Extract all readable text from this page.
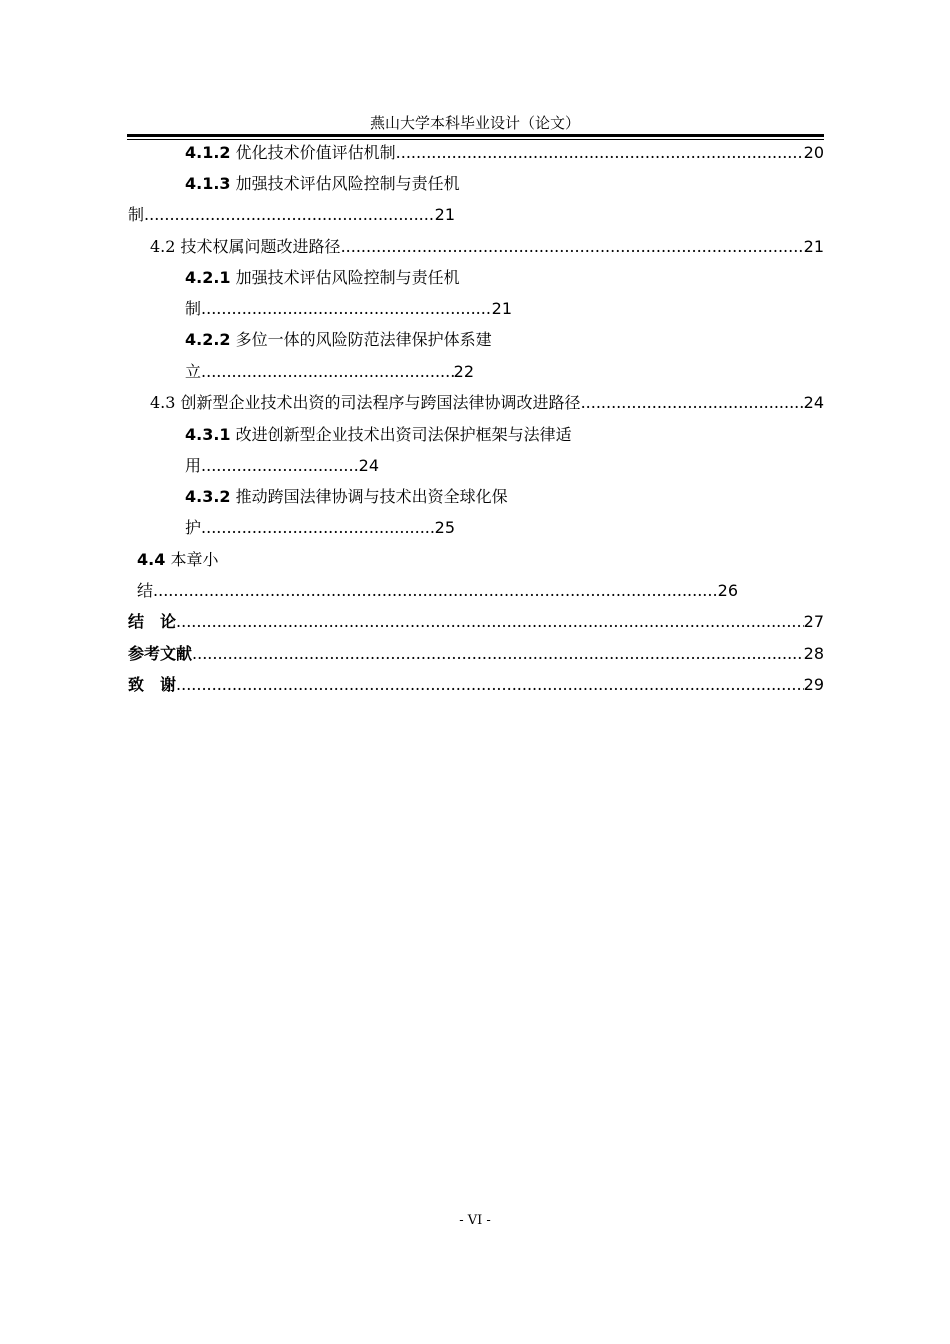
燕山大学本科毕业设计（论文）
4.1.2 优化技术价值评估机制 .....	20
4.1.3 加强技术评估风险控制与责任机
制 .....	21
4.2 技术权属问题改进路径 .....	21
4.2.1 加强技术评估风险控制与责任机
制 .....	21
4.2.2 多位一体的风险防范法律保护体系建
立 .....	22
4.3 创新型企业技术出资的司法程序与跨国法律协调改进路径 .....	24
4.3.1 改进创新型企业技术出资司法保护框架与法律适
用 .....	24
4.3.2 推动跨国法律协调与技术出资全球化保
护 .....	25
4.4 本章小
结 .....	26
结　论 .....	27
参考文献 .....	28
致　谢 .....	29
- VI -
